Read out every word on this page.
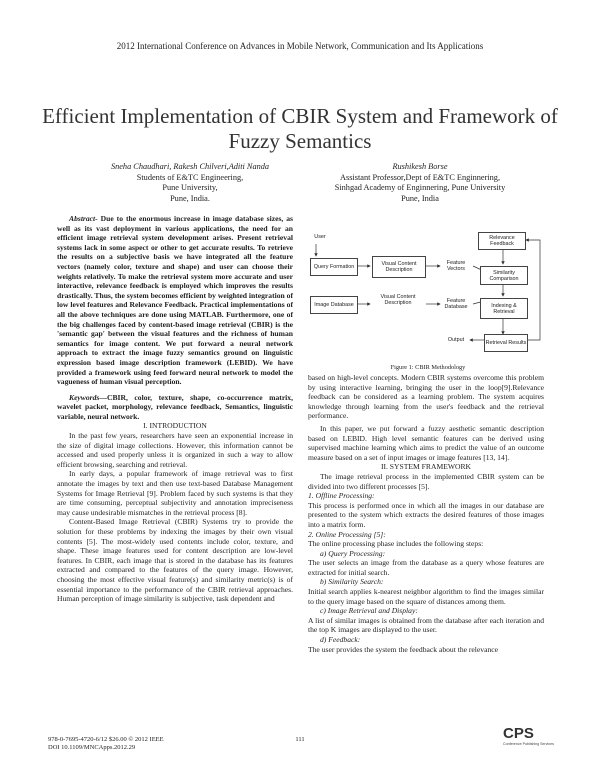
2012 International Conference on Advances in Mobile Network, Communication and Its Applications
Efficient Implementation of CBIR System and Framework of Fuzzy Semantics
Sneha Chaudhari, Rakesh Chilveri,Aditi Nanda
Students of E&TC Engineering,
Pune University,
Pune, India.
Rushikesh Borse
Assistant Professor,Dept of E&TC Enginnering,
Sinhgad Academy of Enginnering, Pune University
Pune, India

Abstract- Due to the enormous increase in image database sizes, as well as its vast deployment in various applications, the need for an efficient image retrieval system development arises. Present retrieval systems lack in some aspect or other to get accurate results. To retrieve the results on a subjective basis we have integrated all the feature vectors (namely color, texture and shape) and user can choose their weights relatively. To make the retrieval system more accurate and user interactive, relevance feedback is employed which improves the results drastically. Thus, the system becomes efficient by weighted integration of low level features and Relevance Feedback. Practical implementations of all the above techniques are done using MATLAB. Furthermore, one of the big challenges faced by content-based image retrieval (CBIR) is the 'semantic gap' between the visual features and the richness of human semantics for image content. We put forward a neural network approach to extract the image fuzzy semantics ground on linguistic expression based image description framework (LEBID). We have provided a framework using feed forward neural network to model the vagueness of human visual perception.

Keywords—CBIR, color, texture, shape, co-occurrence matrix, wavelet packet, morphology, relevance feedback, Semantics, linguistic variable, neural network.

I. INTRODUCTION

In the past few years, researchers have seen an exponential increase in the size of digital image collections. However, this information cannot be accessed and used properly unless it is organized in such a way to allow efficient browsing, searching and retrieval.

In early days, a popular framework of image retrieval was to first annotate the images by text and then use text-based Database Management Systems for Image Retrieval [9]. Problem faced by such systems is that they are time consuming, perceptual subjectivity and annotation impreciseness may cause undesirable mismatches in the retrieval process [8].

Content-Based Image Retrieval (CBIR) Systems try to provide the solution for these problems by indexing the images by their own visual contents [5]. The most-widely used contents include color, texture, and shape. These image features used for content description are low-level features. In CBIR, each image that is stored in the database has its features extracted and compared to the features of the query image. However, choosing the most effective visual feature(s) and similarity metric(s) is of essential importance to the performance of the CBIR retrieval approaches. Human perception of image similarity is subjective, task dependent and

User
Query Formation	Visual Content Description
Feature Vectors
Relevance Feedback
Similarity Comparison
Image Database
Visual Content Description	Feature Database	Indexing & Retrieval
Output	Retrieval Results
Figure 1: CBIR Methodology

based on high-level concepts. Modern CBIR systems overcome this problem by using interactive learning, bringing the user in the loop[9].Relevance feedback can be considered as a learning problem. The system acquires knowledge through learning from the user's feedback and the retrieval performance.

In this paper, we put forward a fuzzy aesthetic semantic description based on LEBID. High level semantic features can be derived using supervised machine learning which aims to predict the value of an outcome measure based on a set of input images or image features [13, 14].

II. SYSTEM FRAMEWORK

The image retrieval process in the implemented CBIR system can be divided into two different processes [5].

1. Offline Processing:

This process is performed once in which all the images in our database are presented to the system which extracts the desired features of those images into a matrix form.

2. Online Processing [5]:

The online processing phase includes the following steps:

a) Query Processing:

The user selects an image from the database as a query whose features are extracted for initial search.

b) Similarity Search:

Initial search applies k-nearest neighbor algorithm to find the images similar to the query image based on the square of distances among them.

c) Image Retrieval and Display:

A list of similar images is obtained from the database after each iteration and the top K images are displayed to the user.

d) Feedback:

The user provides the system the feedback about the relevance

978-0-7695-4720-6/12 $26.00 © 2012 IEEE
DOI 10.1109/MNCApps.2012.29
111	CPS
Conference Publishing Services
